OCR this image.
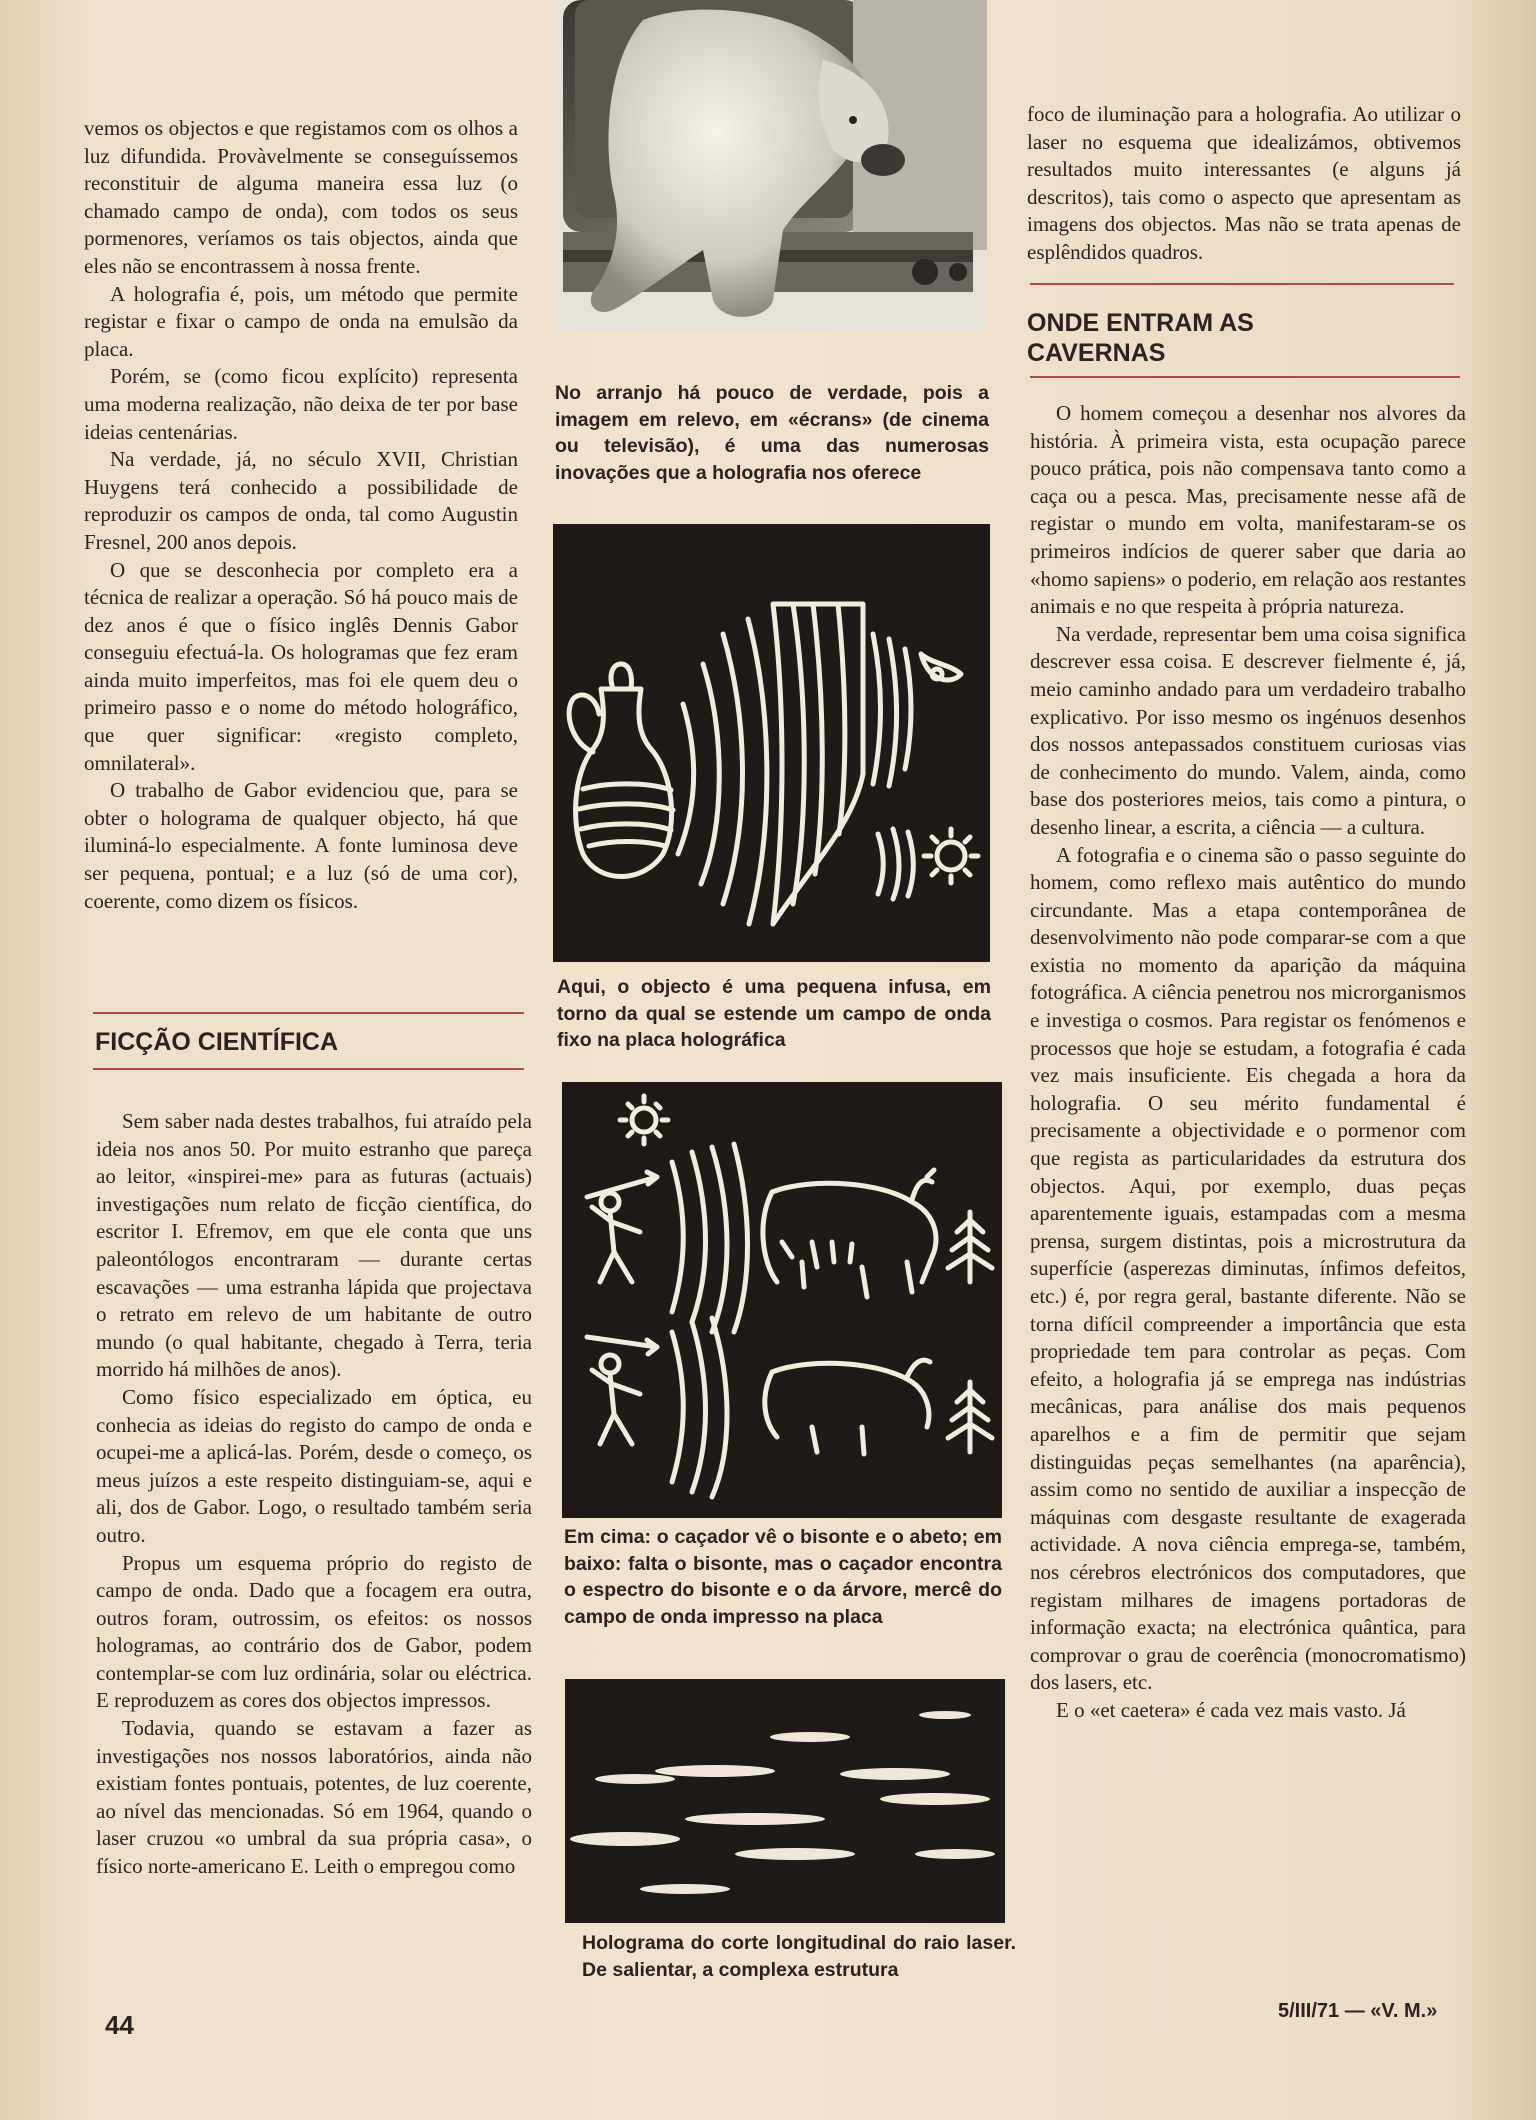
vemos os objectos e que registamos com os olhos a luz difundida. Provàvelmente se conseguíssemos reconstituir de alguma maneira essa luz (o chamado campo de onda), com todos os seus pormenores, veríamos os tais objectos, ainda que eles não se encontrassem à nossa frente.

A holografia é, pois, um método que permite registar e fixar o campo de onda na emulsão da placa.

Porém, se (como ficou explícito) representa uma moderna realização, não deixa de ter por base ideias centenárias.

Na verdade, já, no século XVII, Christian Huygens terá conhecido a possibilidade de reproduzir os campos de onda, tal como Augustin Fresnel, 200 anos depois.

O que se desconhecia por completo era a técnica de realizar a operação. Só há pouco mais de dez anos é que o físico inglês Dennis Gabor conseguiu efectuá-la. Os hologramas que fez eram ainda muito imperfeitos, mas foi ele quem deu o primeiro passo e o nome do método holográfico, que quer significar: «registo completo, omnilateral».

O trabalho de Gabor evidenciou que, para se obter o holograma de qualquer objecto, há que iluminá-lo especialmente. A fonte luminosa deve ser pequena, pontual; e a luz (só de uma cor), coerente, como dizem os físicos.

FICÇÃO CIENTÍFICA

Sem saber nada destes trabalhos, fui atraído pela ideia nos anos 50. Por muito estranho que pareça ao leitor, «inspirei-me» para as futuras (actuais) investigações num relato de ficção científica, do escritor I. Efremov, em que ele conta que uns paleontólogos encontraram — durante certas escavações — uma estranha lápida que projectava o retrato em relevo de um habitante de outro mundo (o qual habitante, chegado à Terra, teria morrido há milhões de anos).

Como físico especializado em óptica, eu conhecia as ideias do registo do campo de onda e ocupei-me a aplicá-las. Porém, desde o começo, os meus juízos a este respeito distinguiam-se, aqui e ali, dos de Gabor. Logo, o resultado também seria outro.

Propus um esquema próprio do registo de campo de onda. Dado que a focagem era outra, outros foram, outrossim, os efeitos: os nossos hologramas, ao contrário dos de Gabor, podem contemplar-se com luz ordinária, solar ou eléctrica. E reproduzem as cores dos objectos impressos.

Todavia, quando se estavam a fazer as investigações nos nossos laboratórios, ainda não existiam fontes pontuais, potentes, de luz coerente, ao nível das mencionadas. Só em 1964, quando o laser cruzou «o umbral da sua própria casa», o físico norte-americano E. Leith o empregou como

No arranjo há pouco de verdade, pois a imagem em relevo, em «écrans» (de cinema ou televisão), é uma das numerosas inovações que a holografia nos oferece
Aqui, o objecto é uma pequena infusa, em torno da qual se estende um campo de onda fixo na placa holográfica
Em cima: o caçador vê o bisonte e o abeto; em baixo: falta o bisonte, mas o caçador encontra o espectro do bisonte e o da árvore, mercê do campo de onda impresso na placa
Holograma do corte longitudinal do raio laser. De salientar, a complexa estrutura

foco de iluminação para a holografia. Ao utilizar o laser no esquema que idealizámos, obtivemos resultados muito interessantes (e alguns já descritos), tais como o aspecto que apresentam as imagens dos objectos. Mas não se trata apenas de esplêndidos quadros.

ONDE ENTRAM AS CAVERNAS

O homem começou a desenhar nos alvores da história. À primeira vista, esta ocupação parece pouco prática, pois não compensava tanto como a caça ou a pesca. Mas, precisamente nesse afã de registar o mundo em volta, manifestaram-se os primeiros indícios de querer saber que daria ao «homo sapiens» o poderio, em relação aos restantes animais e no que respeita à própria natureza.

Na verdade, representar bem uma coisa significa descrever essa coisa. E descrever fielmente é, já, meio caminho andado para um verdadeiro trabalho explicativo. Por isso mesmo os ingénuos desenhos dos nossos antepassados constituem curiosas vias de conhecimento do mundo. Valem, ainda, como base dos posteriores meios, tais como a pintura, o desenho linear, a escrita, a ciência — a cultura.

A fotografia e o cinema são o passo seguinte do homem, como reflexo mais autêntico do mundo circundante. Mas a etapa contemporânea de desenvolvimento não pode comparar-se com a que existia no momento da aparição da máquina fotográfica. A ciência penetrou nos microrganismos e investiga o cosmos. Para registar os fenómenos e processos que hoje se estudam, a fotografia é cada vez mais insuficiente. Eis chegada a hora da holografia. O seu mérito fundamental é precisamente a objectividade e o pormenor com que regista as particularidades da estrutura dos objectos. Aqui, por exemplo, duas peças aparentemente iguais, estampadas com a mesma prensa, surgem distintas, pois a microstrutura da superfície (asperezas diminutas, ínfimos defeitos, etc.) é, por regra geral, bastante diferente. Não se torna difícil compreender a importância que esta propriedade tem para controlar as peças. Com efeito, a holografia já se emprega nas indústrias mecânicas, para análise dos mais pequenos aparelhos e a fim de permitir que sejam distinguidas peças semelhantes (na aparência), assim como no sentido de auxiliar a inspecção de máquinas com desgaste resultante de exagerada actividade. A nova ciência emprega-se, também, nos cérebros electrónicos dos computadores, que registam milhares de imagens portadoras de informação exacta; na electrónica quântica, para comprovar o grau de coerência (monocromatismo) dos lasers, etc.

E o «et caetera» é cada vez mais vasto. Já

44	5/III/71 — «V. M.»
